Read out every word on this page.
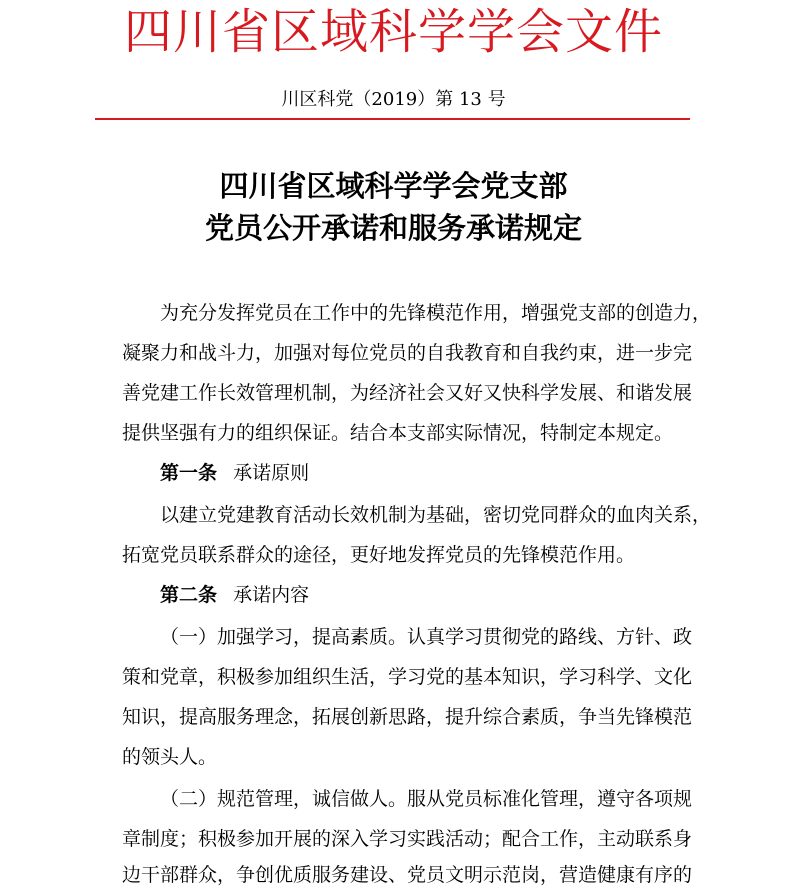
四川省区域科学学会文件
川区科党（2019）第 13 号
四川省区域科学学会党支部
党员公开承诺和服务承诺规定
为充分发挥党员在工作中的先锋模范作用，增强党支部的创造力，
凝聚力和战斗力，加强对每位党员的自我教育和自我约束，进一步完
善党建工作长效管理机制，为经济社会又好又快科学发展、和谐发展
提供坚强有力的组织保证。结合本支部实际情况，特制定本规定。
第一条 承诺原则
以建立党建教育活动长效机制为基础，密切党同群众的血肉关系，
拓宽党员联系群众的途径，更好地发挥党员的先锋模范作用。
第二条 承诺内容
（一）加强学习，提高素质。认真学习贯彻党的路线、方针、政
策和党章，积极参加组织生活，学习党的基本知识，学习科学、文化
知识，提高服务理念，拓展创新思路，提升综合素质，争当先锋模范
的领头人。
（二）规范管理，诚信做人。服从党员标准化管理，遵守各项规
章制度；积极参加开展的深入学习实践活动；配合工作，主动联系身
边干部群众，争创优质服务建设、党员文明示范岗，营造健康有序的
